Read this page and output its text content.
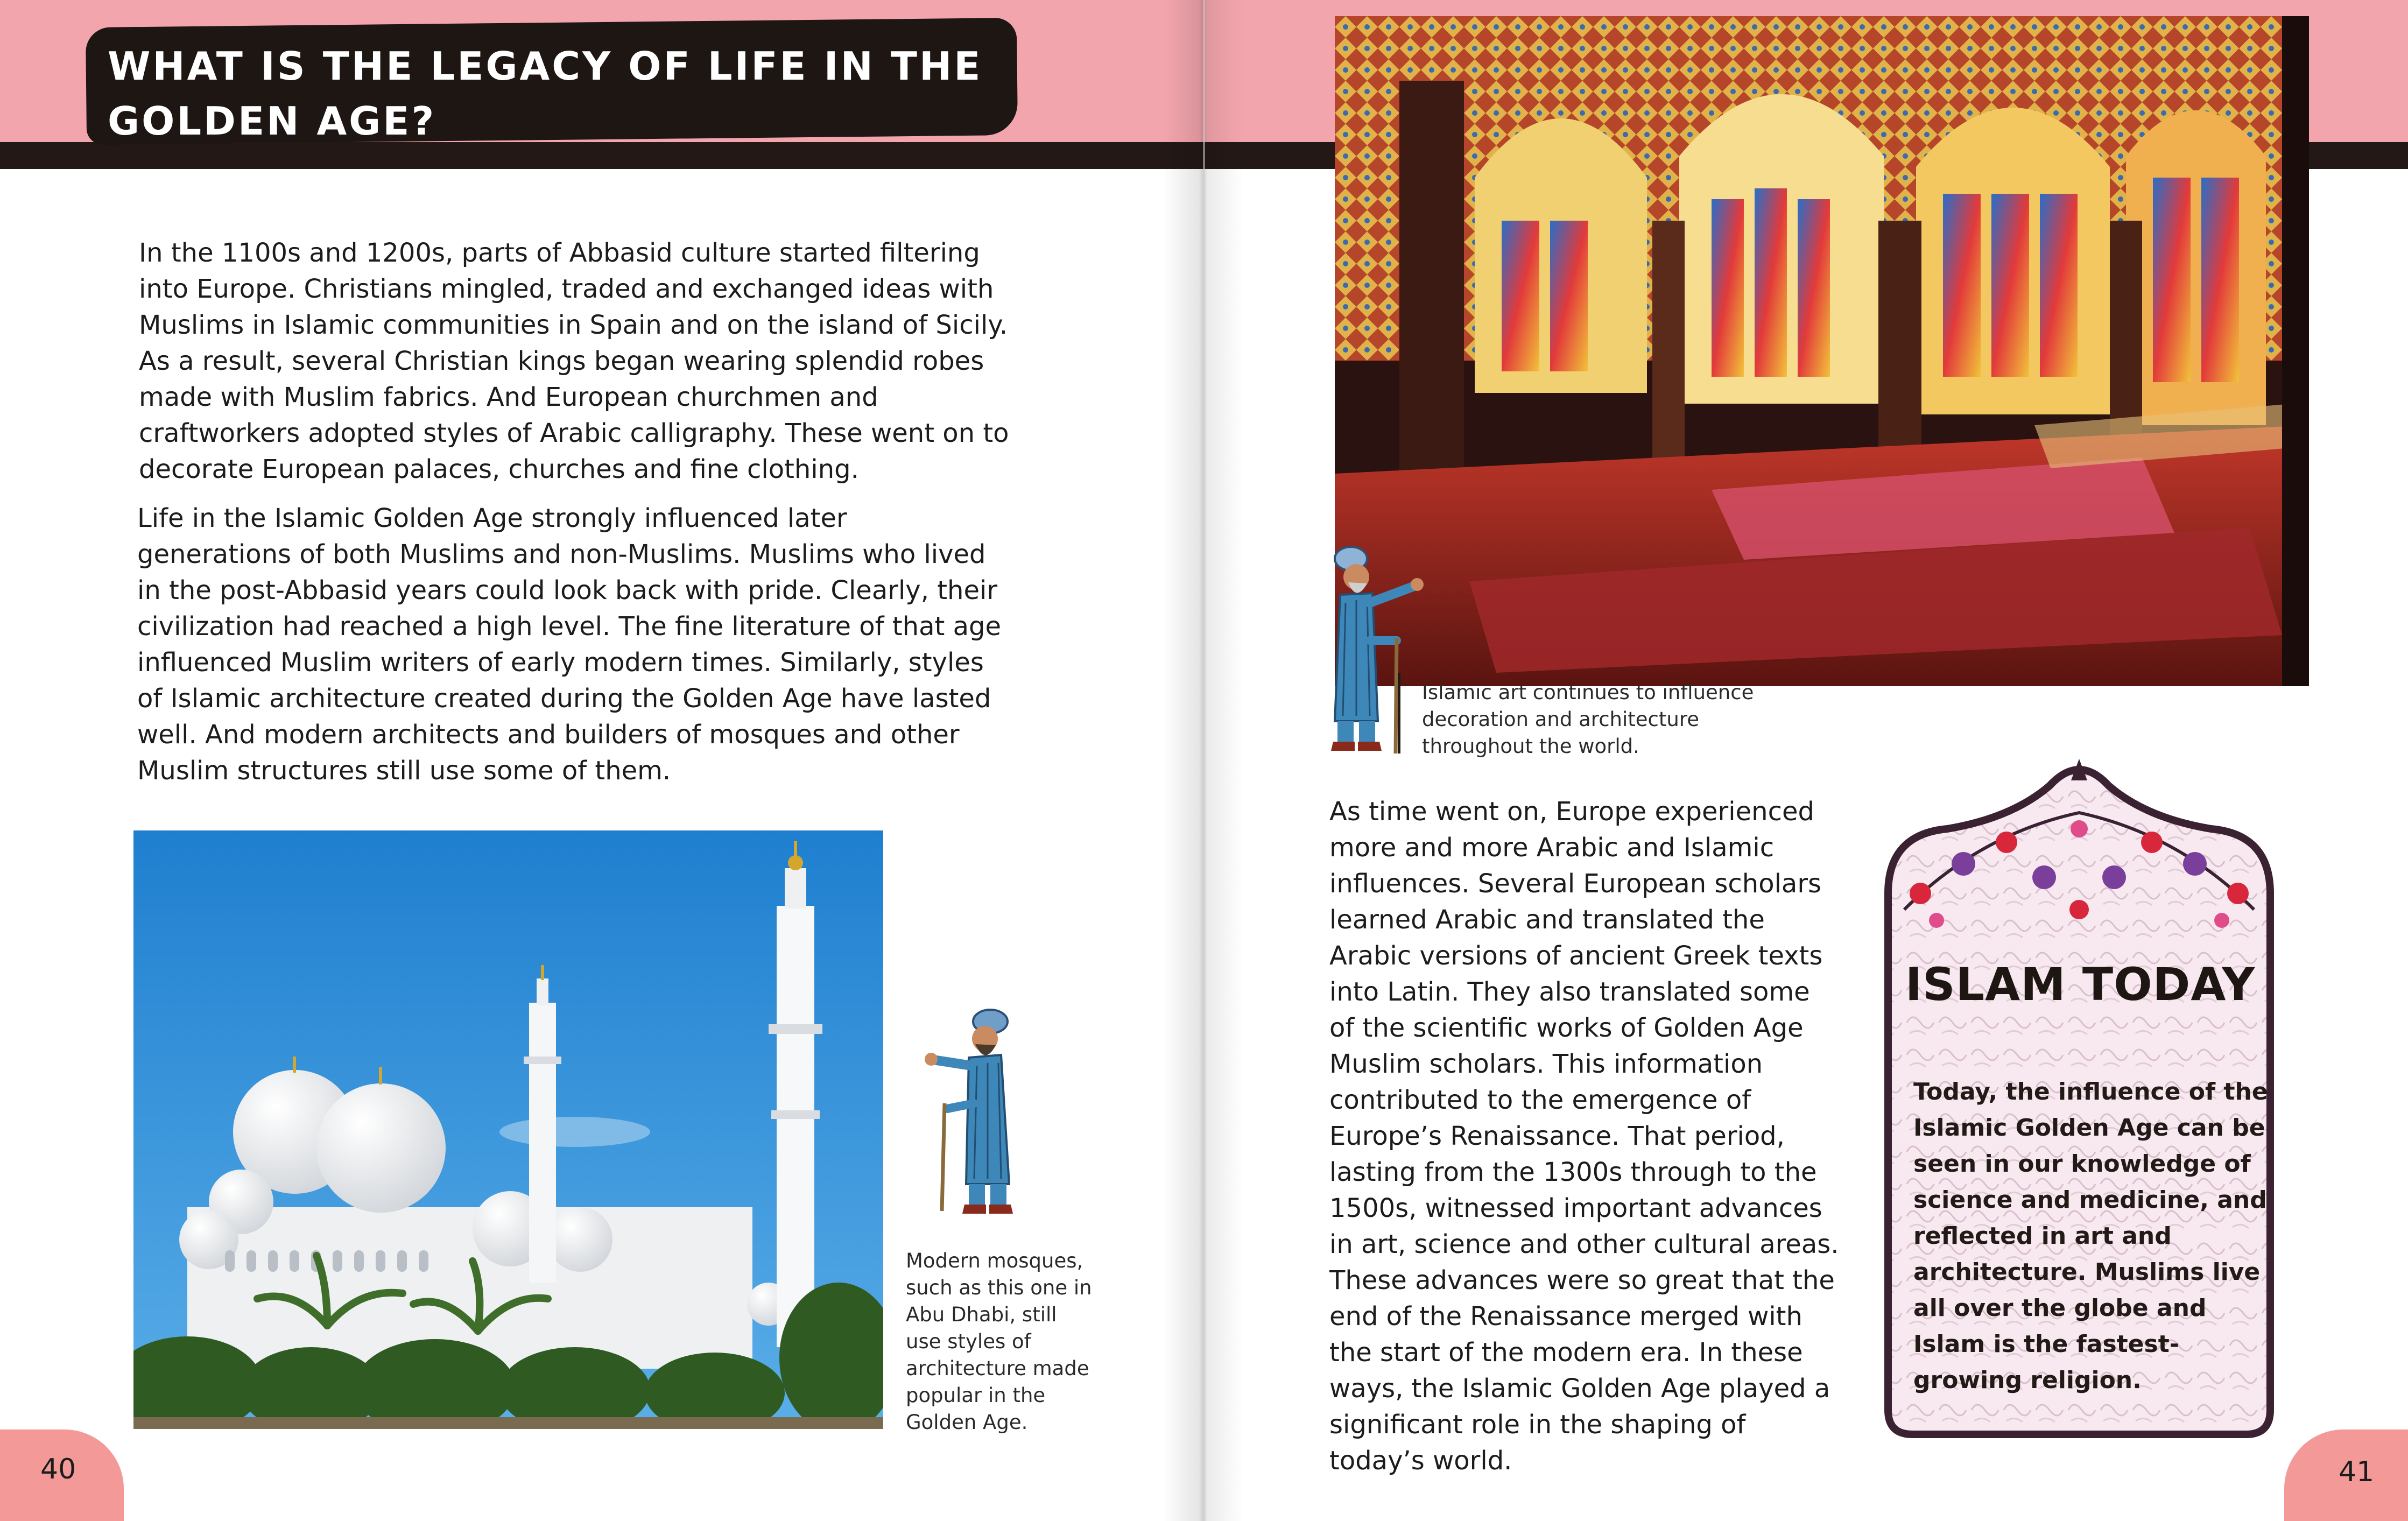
WHAT IS THE LEGACY OF LIFE IN THE GOLDEN AGE?

In the 1100s and 1200s, parts of Abbasid culture started filtering into Europe. Christians mingled, traded and exchanged ideas with Muslims in Islamic communities in Spain and on the island of Sicily. As a result, several Christian kings began wearing splendid robes made with Muslim fabrics. And European churchmen and craftworkers adopted styles of Arabic calligraphy. These went on to decorate European palaces, churches and fine clothing.

Life in the Islamic Golden Age strongly influenced later generations of both Muslims and non-Muslims. Muslims who lived in the post-Abbasid years could look back with pride. Clearly, their civilization had reached a high level. The fine literature of that age influenced Muslim writers of early modern times. Similarly, styles of Islamic architecture created during the Golden Age have lasted well. And modern architects and builders of mosques and other Muslim structures still use some of them.

Modern mosques, such as this one in Abu Dhabi, still use styles of architecture made popular in the Golden Age.

40

Islamic art continues to influence decoration and architecture throughout the world.

As time went on, Europe experienced more and more Arabic and Islamic influences. Several European scholars learned Arabic and translated the Arabic versions of ancient Greek texts into Latin. They also translated some of the scientific works of Golden Age Muslim scholars. This information contributed to the emergence of Europe’s Renaissance. That period, lasting from the 1300s through to the 1500s, witnessed important advances in art, science and other cultural areas. These advances were so great that the end of the Renaissance merged with the start of the modern era. In these ways, the Islamic Golden Age played a significant role in the shaping of today’s world.

ISLAM TODAY

Today, the influence of the Islamic Golden Age can be seen in our knowledge of science and medicine, and reflected in art and architecture. Muslims live all over the globe and Islam is the fastest-growing religion.

41
